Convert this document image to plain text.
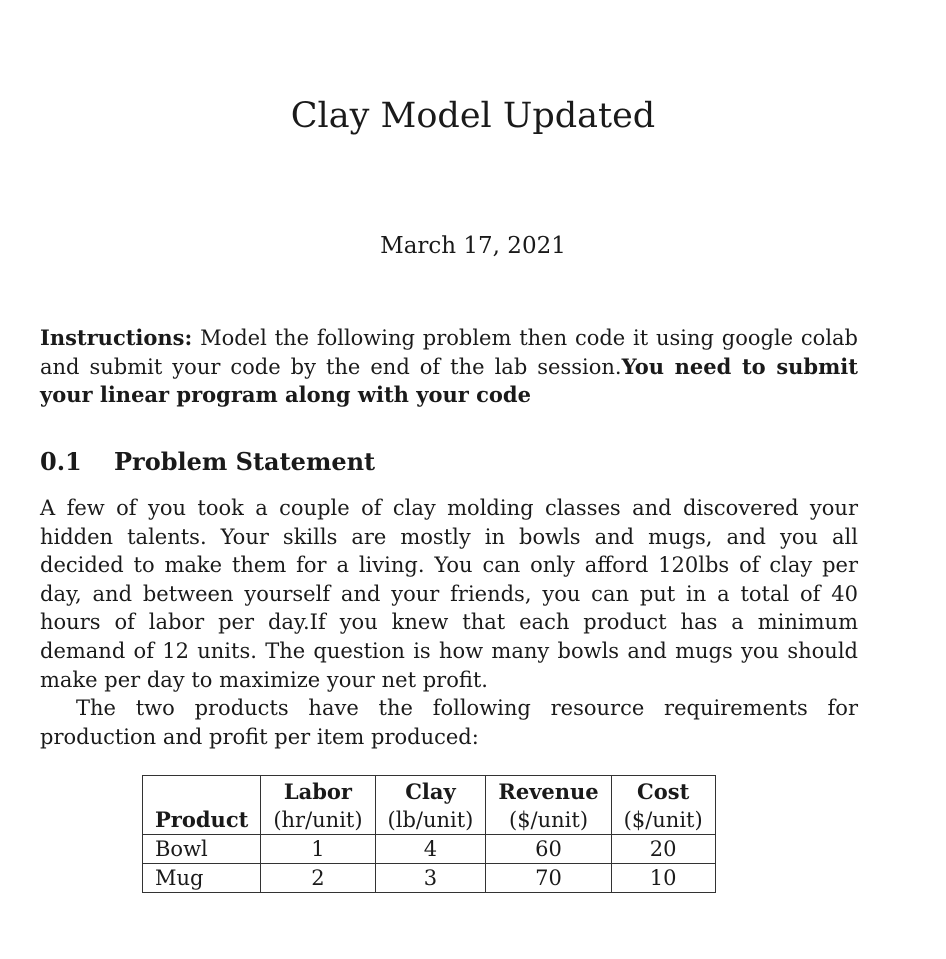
Clay Model Updated
March 17, 2021
Instructions: Model the following problem then code it using google colab and submit your code by the end of the lab session.You need to submit your linear program along with your code
0.1 Problem Statement

A few of you took a couple of clay molding classes and discovered your hidden talents. Your skills are mostly in bowls and mugs, and you all decided to make them for a living. You can only afford 120lbs of clay per day, and between yourself and your friends, you can put in a total of 40 hours of labor per day.If you knew that each product has a minimum demand of 12 units. The question is how many bowls and mugs you should make per day to maximize your net profit.

The two products have the following resource requirements for production and profit per item produced:

	Labor	Clay	Revenue	Cost
Product	(hr/unit)	(lb/unit)	($/unit)	($/unit)
Bowl	1	4	60	20
Mug	2	3	70	10
